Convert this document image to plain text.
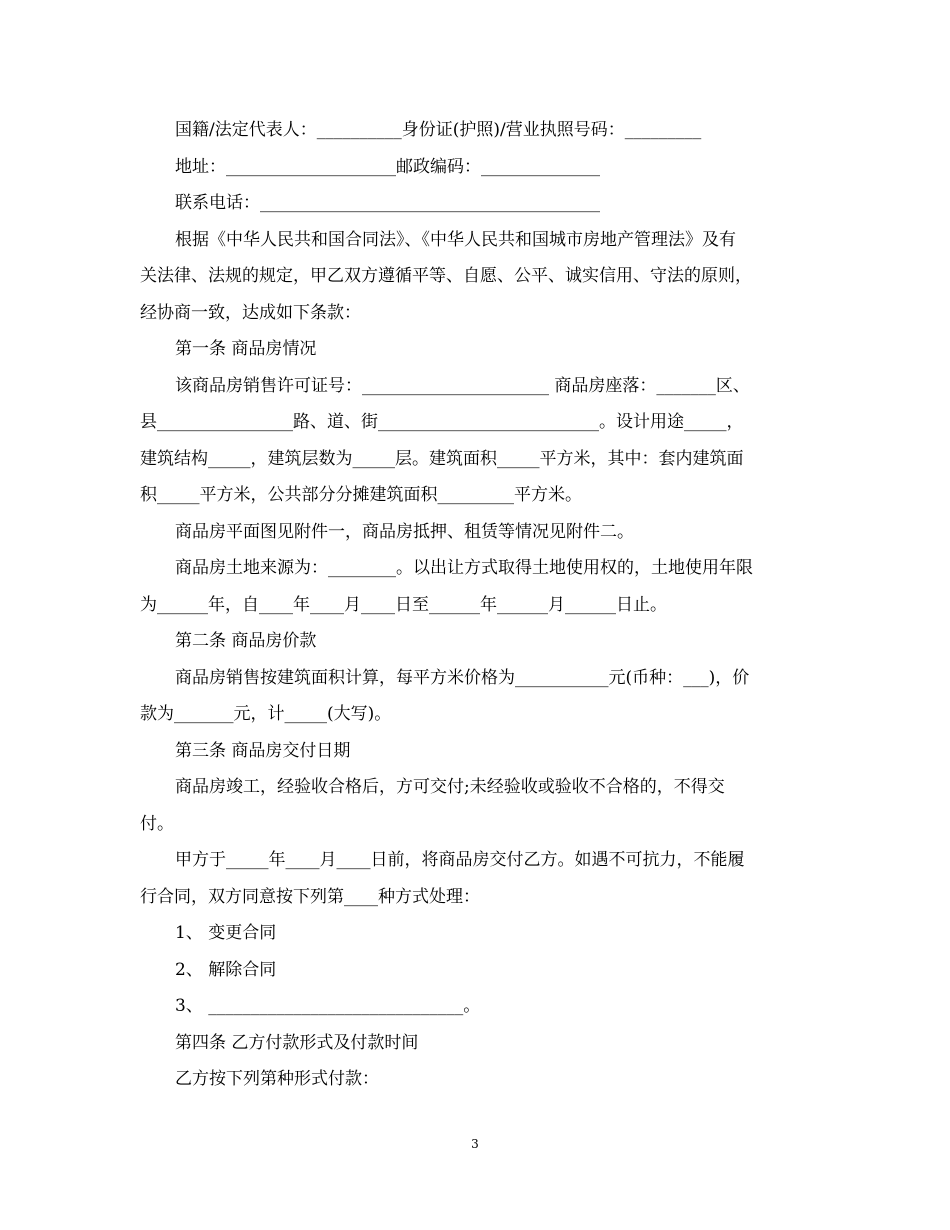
国籍/法定代表人：__________身份证(护照)/营业执照号码：_________
地址：____________________邮政编码：______________
联系电话：________________________________________
根据《中华人民共和国合同法》、《中华人民共和国城市房地产管理法》及有
关法律、法规的规定，甲乙双方遵循平等、自愿、公平、诚实信用、守法的原则，
经协商一致，达成如下条款：
第一条 商品房情况
该商品房销售许可证号：______________________ 商品房座落：_______区、
县________________路、道、街__________________________。设计用途_____，
建筑结构_____，建筑层数为_____层。建筑面积_____平方米，其中：套内建筑面
积_____平方米，公共部分分摊建筑面积_________平方米。
商品房平面图见附件一，商品房抵押、租赁等情况见附件二。
商品房土地来源为：________。以出让方式取得土地使用权的，土地使用年限
为______年，自____年____月____日至______年______月______日止。
第二条 商品房价款
商品房销售按建筑面积计算，每平方米价格为___________元(币种：___)，价
款为_______元，计_____(大写)。
第三条 商品房交付日期
商品房竣工，经验收合格后，方可交付;未经验收或验收不合格的，不得交
付。
甲方于_____年____月____日前，将商品房交付乙方。如遇不可抗力，不能履
行合同，双方同意按下列第____种方式处理：
1、 变更合同
2、 解除合同
3、 ______________________________。
第四条 乙方付款形式及付款时间
乙方按下列第种形式付款：
3
